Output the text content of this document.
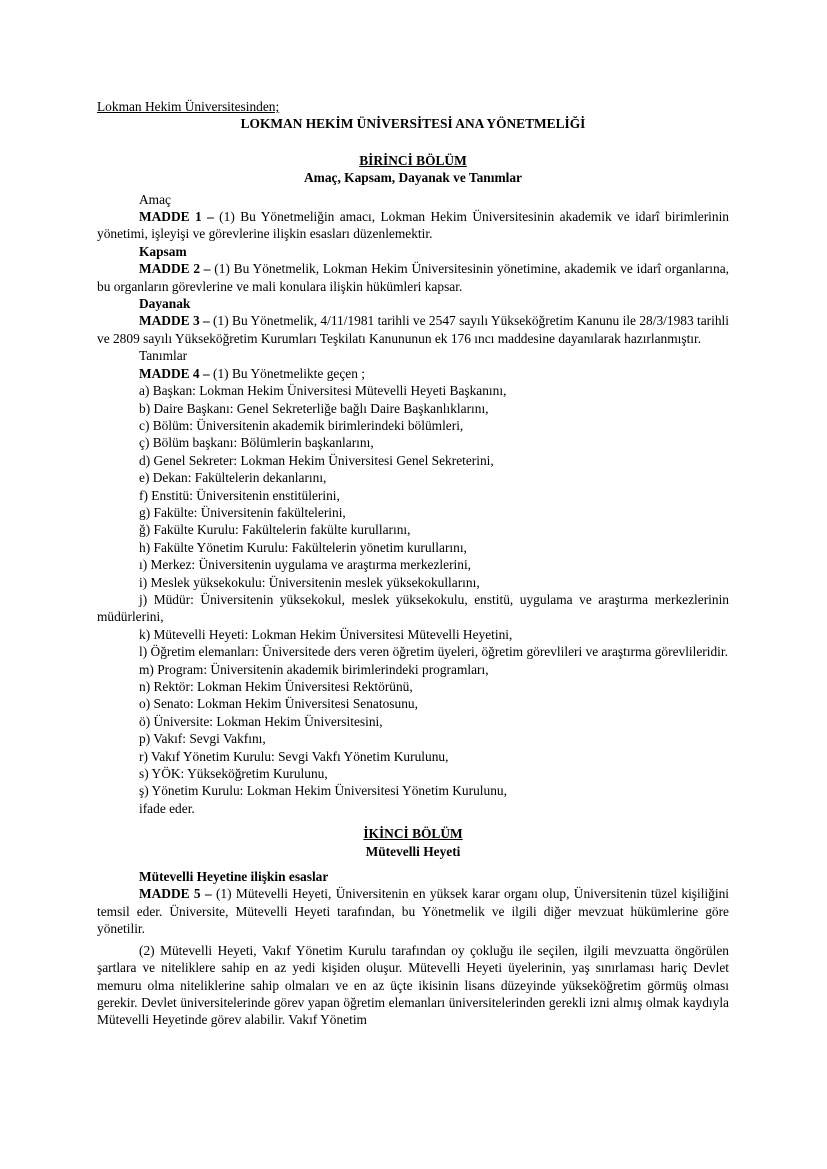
Lokman Hekim Üniversitesinden;

LOKMAN HEKİM ÜNİVERSİTESİ ANA YÖNETMELİĞİ

BİRİNCİ BÖLÜM

Amaç, Kapsam, Dayanak ve Tanımlar

Amaç

MADDE 1 – (1) Bu Yönetmeliğin amacı, Lokman Hekim Üniversitesinin akademik ve idarî birimlerinin yönetimi, işleyişi ve görevlerine ilişkin esasları düzenlemektir.

Kapsam

MADDE 2 – (1) Bu Yönetmelik, Lokman Hekim Üniversitesinin yönetimine, akademik ve idarî organlarına, bu organların görevlerine ve mali konulara ilişkin hükümleri kapsar.

Dayanak

MADDE 3 – (1) Bu Yönetmelik, 4/11/1981 tarihli ve 2547 sayılı Yükseköğretim Kanunu ile 28/3/1983 tarihli ve 2809 sayılı Yükseköğretim Kurumları Teşkilatı Kanununun ek 176 ıncı maddesine dayanılarak hazırlanmıştır.

Tanımlar

MADDE 4 – (1) Bu Yönetmelikte geçen ;

a) Başkan: Lokman Hekim Üniversitesi Mütevelli Heyeti Başkanını,

b) Daire Başkanı: Genel Sekreterliğe bağlı Daire Başkanlıklarını,

c) Bölüm: Üniversitenin akademik birimlerindeki bölümleri,

ç) Bölüm başkanı: Bölümlerin başkanlarını,

d) Genel Sekreter: Lokman Hekim Üniversitesi Genel Sekreterini,

e) Dekan: Fakültelerin dekanlarını,

f) Enstitü: Üniversitenin enstitülerini,

g) Fakülte: Üniversitenin fakültelerini,

ğ) Fakülte Kurulu: Fakültelerin fakülte kurullarını,

h) Fakülte Yönetim Kurulu: Fakültelerin yönetim kurullarını,

ı) Merkez: Üniversitenin uygulama ve araştırma merkezlerini,

i) Meslek yüksekokulu: Üniversitenin meslek yüksekokullarını,

j) Müdür: Üniversitenin yüksekokul, meslek yüksekokulu, enstitü, uygulama ve araştırma merkezlerinin müdürlerini,

k) Mütevelli Heyeti: Lokman Hekim Üniversitesi Mütevelli Heyetini,

l) Öğretim elemanları: Üniversitede ders veren öğretim üyeleri, öğretim görevlileri ve araştırma görevlileridir.

m) Program: Üniversitenin akademik birimlerindeki programları,

n) Rektör: Lokman Hekim Üniversitesi Rektörünü,

o) Senato: Lokman Hekim Üniversitesi Senatosunu,

ö) Üniversite: Lokman Hekim Üniversitesini,

p) Vakıf: Sevgi Vakfını,

r) Vakıf Yönetim Kurulu: Sevgi Vakfı Yönetim Kurulunu,

s) YÖK: Yükseköğretim Kurulunu,

ş) Yönetim Kurulu: Lokman Hekim Üniversitesi Yönetim Kurulunu,

ifade eder.

İKİNCİ BÖLÜM

Mütevelli Heyeti

Mütevelli Heyetine ilişkin esaslar

MADDE 5 – (1) Mütevelli Heyeti, Üniversitenin en yüksek karar organı olup, Üniversitenin tüzel kişiliğini temsil eder. Üniversite, Mütevelli Heyeti tarafından, bu Yönetmelik ve ilgili diğer mevzuat hükümlerine göre yönetilir.

(2) Mütevelli Heyeti, Vakıf Yönetim Kurulu tarafından oy çokluğu ile seçilen, ilgili mevzuatta öngörülen şartlara ve niteliklere sahip en az yedi kişiden oluşur. Mütevelli Heyeti üyelerinin, yaş sınırlaması hariç Devlet memuru olma niteliklerine sahip olmaları ve en az üçte ikisinin lisans düzeyinde yükseköğretim görmüş olması gerekir. Devlet üniversitelerinde görev yapan öğretim elemanları üniversitelerinden gerekli izni almış olmak kaydıyla Mütevelli Heyetinde görev alabilir. Vakıf Yönetim
